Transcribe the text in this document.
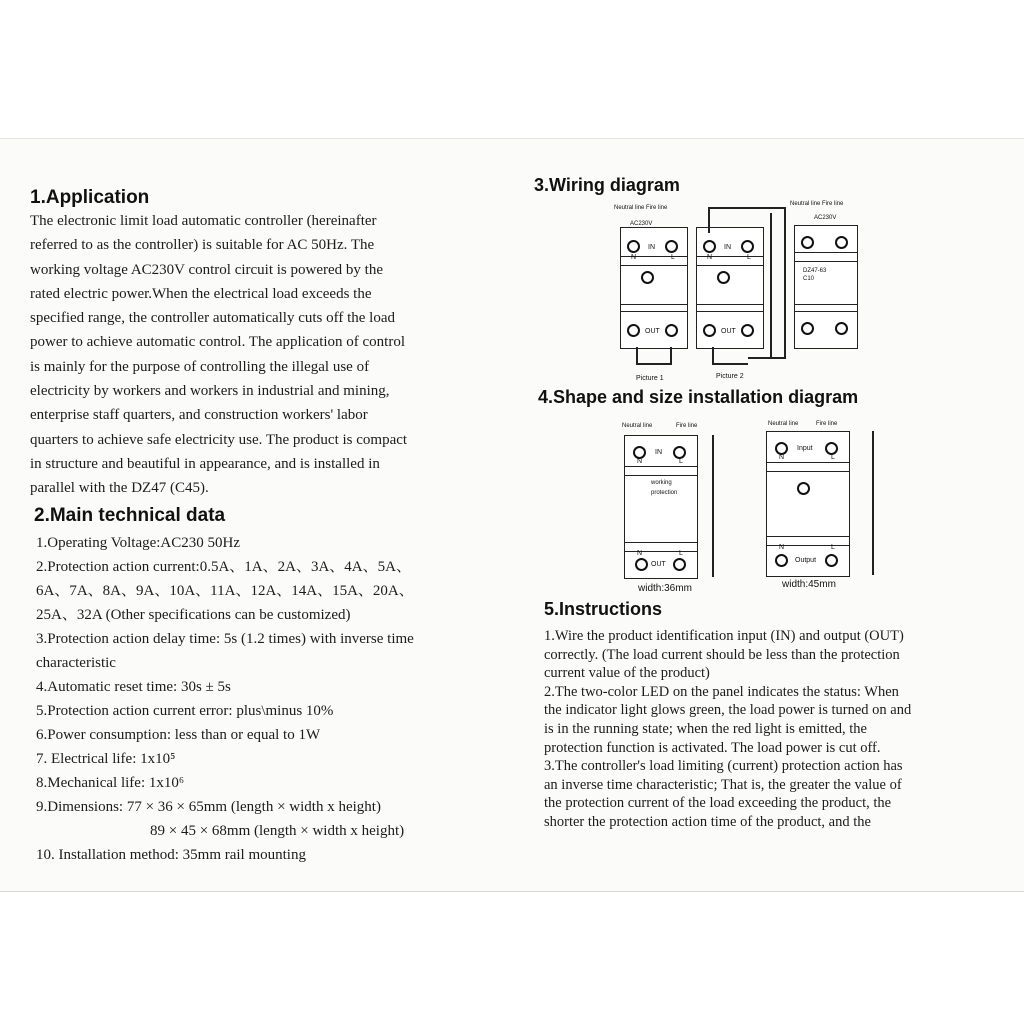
1.Application
The electronic limit load automatic controller (hereinafter
referred to as the controller) is suitable for AC 50Hz. The
working voltage AC230V control circuit is powered by the
rated electric power.When the electrical load exceeds the
specified range, the controller automatically cuts off the load
power to achieve automatic control. The application of control
is mainly for the purpose of controlling the illegal use of
electricity by workers and workers in industrial and mining,
enterprise staff quarters, and construction workers' labor
quarters to achieve safe electricity use. The product is compact
in structure and beautiful in appearance, and is installed in
parallel with the DZ47 (C45).
2.Main technical data
1.Operating Voltage:AC230 50Hz
2.Protection action current:0.5A、1A、2A、3A、4A、5A、
6A、7A、8A、9A、10A、11A、12A、14A、15A、20A、
25A、32A (Other specifications can be customized)
3.Protection action delay time: 5s (1.2 times) with inverse time
characteristic
4.Automatic reset time: 30s ± 5s
5.Protection action current error: plus\minus 10%
6.Power consumption: less than or equal to 1W
7. Electrical life: 1x10⁵
8.Mechanical life: 1x10⁶
9.Dimensions: 77 × 36 × 65mm (length × width x height)
89 × 45 × 68mm (length × width x height)
10. Installation method: 35mm rail mounting
3.Wiring diagram
Neutral line Fire line
AC230V
Neutral line Fire line
AC230V
IN
N	L
OUT
IN
N	L
OUT
DZ47-63
C10
Picture 1	Picture 2
4.Shape and size installation diagram
Neutral line	Fire line
IN
N	L
working
protection
N	L
OUT
width:36mm
Neutral line	Fire line
Input
N	L
N	L
Output
width:45mm
5.Instructions
1.Wire the product identification input (IN) and output (OUT)
correctly. (The load current should be less than the protection
current value of the product)
2.The two-color LED on the panel indicates the status: When
the indicator light glows green, the load power is turned on and
is in the running state; when the red light is emitted, the
protection function is activated. The load power is cut off.
3.The controller's load limiting (current) protection action has
an inverse time characteristic; That is, the greater the value of
the protection current of the load exceeding the product, the
shorter the protection action time of the product, and the
